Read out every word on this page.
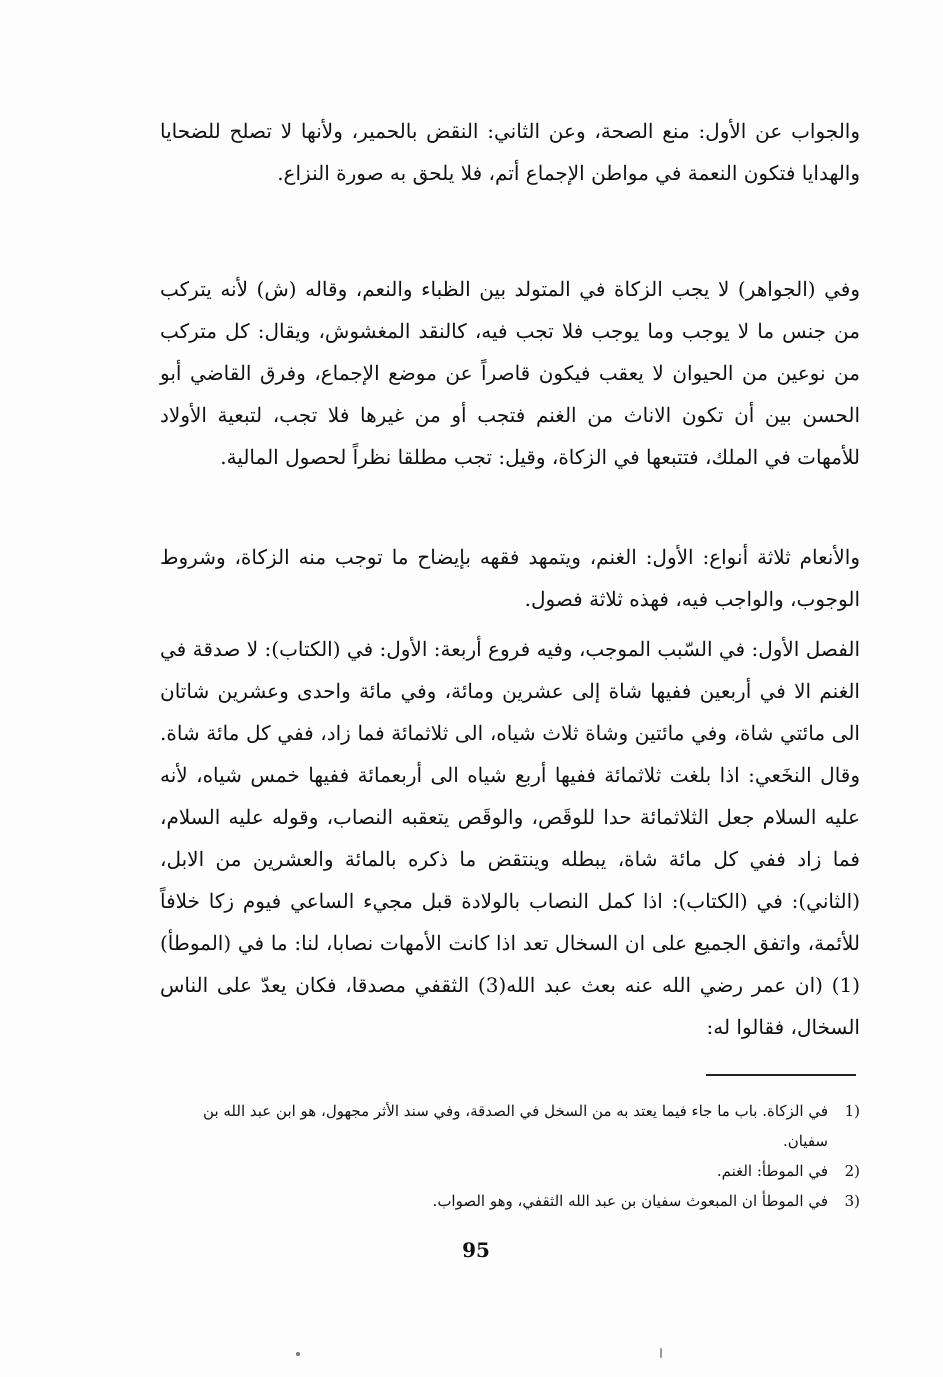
والجواب عن الأول: منع الصحة، وعن الثاني: النقض بالحمير، ولأنها لا تصلح للضحايا والهدايا فتكون النعمة في مواطن الإجماع أتم، فلا يلحق به صورة النزاع.
وفي (الجواهر) لا يجب الزكاة في المتولد بين الظباء والنعم، وقاله (ش) لأنه يتركب من جنس ما لا يوجب وما يوجب فلا تجب فيه، كالنقد المغشوش، ويقال: كل متركب من نوعين من الحيوان لا يعقب فيكون قاصراً عن موضع الإجماع، وفرق القاضي أبو الحسن بين أن تكون الاناث من الغنم فتجب أو من غيرها فلا تجب، لتبعية الأولاد للأمهات في الملك، فتتبعها في الزكاة، وقيل: تجب مطلقا نظراً لحصول المالية.
والأنعام ثلاثة أنواع: الأول: الغنم، ويتمهد فقهه بإيضاح ما توجب منه الزكاة، وشروط الوجوب، والواجب فيه، فهذه ثلاثة فصول.
الفصل الأول: في السّبب الموجب، وفيه فروع أربعة: الأول: في (الكتاب): لا صدقة في الغنم الا في أربعين ففيها شاة إلى عشرين ومائة، وفي مائة واحدى وعشرين شاتان الى مائتي شاة، وفي مائتين وشاة ثلاث شياه، الى ثلاثمائة فما زاد، ففي كل مائة شاة. وقال النخَعي: اذا بلغت ثلاثمائة ففيها أربع شياه الى أربعمائة ففيها خمس شياه، لأنه عليه السلام جعل الثلاثمائة حدا للوقَص، والوقَص يتعقبه النصاب، وقوله عليه السلام، فما زاد ففي كل مائة شاة، يبطله وينتقض ما ذكره بالمائة والعشرين من الابل، (الثاني): في (الكتاب): اذا كمل النصاب بالولادة قبل مجيء الساعي فيوم زكا خلافاً للأئمة، واتفق الجميع على ان السخال تعد اذا كانت الأمهات نصابا، لنا: ما في (الموطأ)(1) (ان عمر رضي الله عنه بعث عبد الله(3) الثقفي مصدقا، فكان يعدّ على الناس السخال، فقالوا له:
1)
في الزكاة. باب ما جاء فيما يعتد به من السخل في الصدقة، وفي سند الأثر مجهول، هو ابن عبد الله بن سفيان.
2)
في الموطأ: الغنم.
3)
في الموطأ ان المبعوث سفيان بن عبد الله الثقفي، وهو الصواب.
95
